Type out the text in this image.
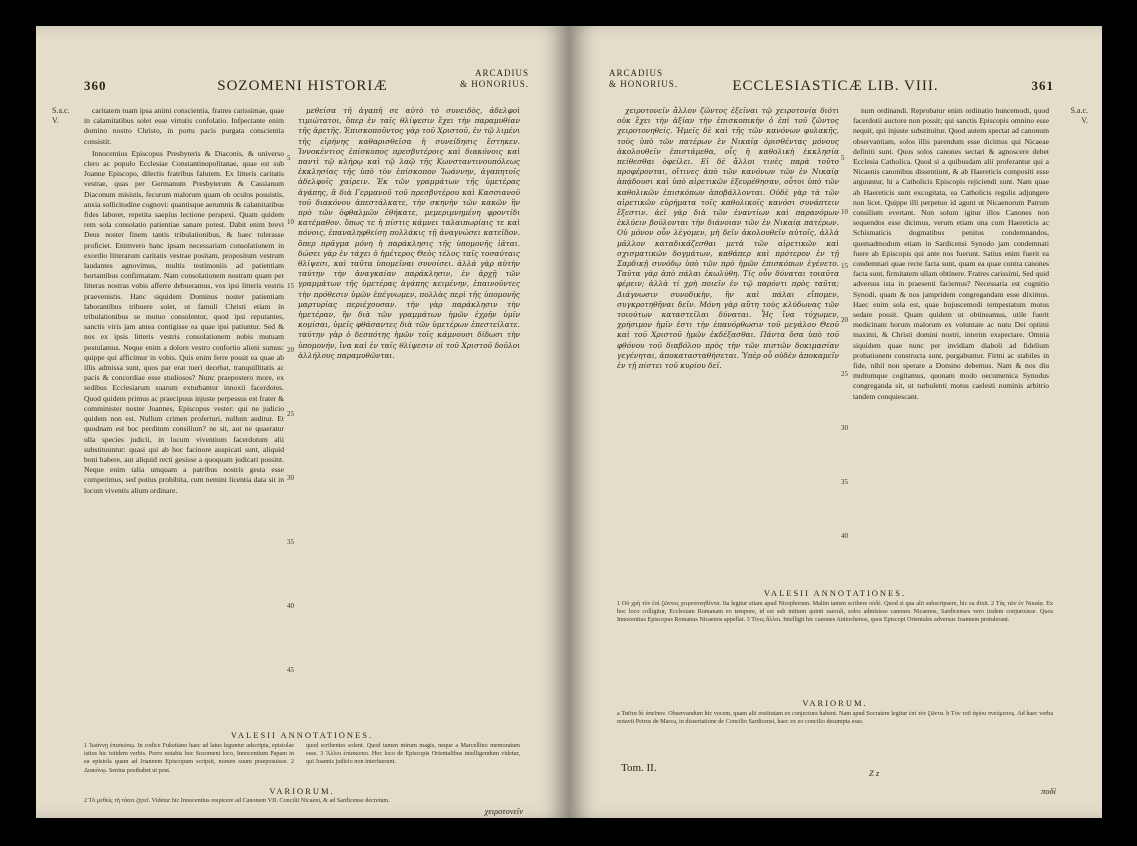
360	SOZOMENI HISTORIÆ
ARCADIUS
& HONORIUS.
S.a.c.
V.

caritatem tuam ipsa animi conscientia, fratres carissimae, quae in calamitatibus solet esse virtutis confolatio. Infpectante enim domino nostro Christo, in portu pacis purgata conscientia consistit.

Innocentius Episcopus Presbyteris & Diaconis, & universo clero ac populo Ecclesiae Constantinopolitanae, quae est sub Joanne Episcopo, dilectis fratribus falutem. Ex litteris caritatis vestrae, quas per Germanum Presbyterum & Cassianum Diaconum misistis, fecurum malorum quam ob oculos posuistis, anxia sollicitudine cognovi: quantisque aerumnis & calamitatibus fides laboret, repetita saepius lectione perspexi. Quam quidem rem sola consolatio patientiae sanare potest. Dabit enim brevi Deus noster finem tantis tribulationibus, & haec tolerasse proficiet. Enimvero hanc ipsam necessariam consolationem in exordio litterarum caritatis vestrae positam, propositum vestrum laudantes agnovimus, multis testimoniis ad patientiam hortantibus confirmatam. Nam consolationem nostram quam per litteras nostras vobis afferre debueramus, vos ipsi litteris vestris praevenistis. Hanc siquidem Dominus noster patientiam laborantibus tribuere solet, ut famuli Christi etiam in tribulationibus se mutuo consolentur, quod ipsi reputantes, sanctis viris jam antea contigisse ea quae ipsi patiuntur. Sed & nos ex ipsis litteris vestris consolationem nobis mutuam postulamus. Neque enim a dolore vestro confortio alieni sumus: quippe qui afficimur in vobis. Quis enim ferre possit ea quae ab illis admissa sunt, quos par erat tueri decebat, tranquillitatis ac pacis & concordiae esse studiosos? Nunc praepostero more, ex sedibus Ecclesiarum suarum exturbantur innoxii facerdotes. Quod quidem primus ac praecipuus injuste perpessus est frater & comminister noster Joannes, Episcopus vester: qui ne judicio quidem non est. Nullum crimen proferturi, nullum auditur. Et quodnam est hoc perditum consilium? ne sit, aut ne quaeratur ulla species judicii, in locum viventium facerdotum alii substituuntur: quasi qui ab hoc facinore auspicati sunt, aliquid boni habere, aut aliquid recti gesisse a quoquam judicari possint. Neque enim talia umquam a patribus nostris gesta esse comperimus, sed potius prohibita, cum nemini licentia data sit in locum viventis alium ordinare.

μεθείσα τῆ ἀγαπῆ σε αὐτὸ τὸ συνειδὸς, ἀδελφοὶ τιμιώτατοι, ὅπερ ἐν ταῖς θλίψεσιν ἔχει τὴν παραμυθίαν τῆς ἀρετῆς. Ἐπισκοποῦντος γὰρ τοῦ Χριστοῦ, ἐν τῷ λιμένι τῆς εἰρήνης καθαρισθεῖσα ἡ συνείδησις ἕστηκεν. Ἰννοκέντιος ἐπίσκοπος πρεσβυτέροις καὶ διακόνοις καὶ παντὶ τῷ κλήρῳ καὶ τῷ λαῷ τῆς Κωνσταντινουπόλεως ἐκκλησίας τῆς ὑπὸ τὸν ἐπίσκοπον Ἰωάννην, ἀγαπητοῖς ἀδελφοῖς χαίρειν. Ἐκ τῶν γραμμάτων τῆς ὑμετέρας ἀγάπης, ἃ διὰ Γερμανοῦ τοῦ πρεσβυτέρου καὶ Κασσιανοῦ τοῦ διακόνου ἀπεστάλκατε, τὴν σκηνὴν τῶν κακῶν ἣν πρὸ τῶν ὀφθαλμῶν ἐθήκατε, μεμεριμνημένη φροντίδι κατέμαθον. ὅπως τε ἡ πίστις κάμνει ταλαιπωρίαις τε καὶ πόνοις, ἐπαναληφθείσῃ πολλάκις τῇ ἀναγνώσει κατεῖδον. ὅπερ πρᾶγμα μόνη ἡ παράκλησις τῆς ὑπομονῆς ἰᾶται. δώσει γὰρ ἐν τάχει ὁ ἡμέτερος Θεὸς τέλος ταῖς τοσαύταις θλίψεσι, καὶ ταῦτα ὑπομεῖναι συνοίσει. ἀλλὰ γὰρ αὐτὴν ταύτην τὴν ἀναγκαίαν παράκλησιν, ἐν ἀρχῇ τῶν γραμμάτων τῆς ὑμετέρας ἀγάπης κειμένην, ἐπαινοῦντες τὴν πρόθεσιν ὑμῶν ἐπέγνωμεν, πολλὰς περὶ τῆς ὑπομονῆς μαρτυρίας περιέχουσαν. τὴν γὰρ παράκλησιν τὴν ἡμετέραν, ἣν διὰ τῶν γραμμάτων ἡμῶν ἐχρῆν ὑμῖν κομίσαι, ὑμεῖς φθάσαντες διὰ τῶν ὑμετέρων ἐπεστείλατε. ταύτην γὰρ ὁ δεσπότης ἡμῶν τοῖς κάμνουσι δίδωσι τὴν ὑπομονήν, ἵνα καὶ ἐν ταῖς θλίψεσιν οἱ τοῦ Χριστοῦ δοῦλοι ἀλλήλους παραμυθῶνται.

5
10
15
20
25
30
35
40
45
VALESII ANNOTATIONES.
1 Ἰωάννῃ ἐπισκόπῳ. In codice Fuketiano haec ad latus leguntur adscripta, epistolae istius hic totidem verbis. Porro notabis hoc Sozomeni loco, Innocentium Papam in ea epistola quam ad Joannem Episcopum scripsit, nomen suum praeposuisse. 2 Διακόνῳ. Senius posthabet ut post.
quod scribentes solent. Quod tamen mirum magis, neque a Marcellino memoratum esse. 3 Ἄλλοι ἐπίσκοποι. Hoc loco de Episcopis Orientalibus intelligendum videtur, qui Joannis judicio non interfuerunt.
VARIORUM.
2 Τὸ μεθεὶς τῆ τάσει ζητεῖ. Videtur hic Innocentius respicere ad Canonem VII. Concilii Nicaeni, & ad Sardicense decretum.
χειροτονεῖν
ARCADIUS
& HONORIUS.	ECCLESIASTICÆ LIB. VIII.	361
S.a.c.
V.

χειροτονεῖν ἄλλον ζῶντος ἐξεῖναι τῷ χειροτονίᾳ διότι οὐκ ἔχει τὴν ἀξίαν τὴν ἐπισκοπικὴν ὁ ἐπὶ τοῦ ζῶντος χειροτονηθείς. Ἡμεῖς δὲ καὶ τῆς τῶν κανόνων φυλακῆς, τοὺς ὑπὸ τῶν πατέρων ἐν Νικαίᾳ ὁρισθέντας μόνους ἀκολουθεῖν ἐπιστάμεθα, οἷς ἡ καθολικὴ ἐκκλησία πείθεσθαι ὀφείλει. Εἰ δὲ ἄλλοι τινὲς παρὰ τοῦτο προφέρονται, οἵτινες ἀπὸ τῶν κανόνων τῶν ἐν Νικαίᾳ ἀπᾴδουσι καὶ ὑπὸ αἱρετικῶν ἐξευρέθησαν, οὗτοι ὑπὸ τῶν καθολικῶν ἐπισκόπων ἀποβάλλονται. Οὐδὲ γὰρ τὰ τῶν αἱρετικῶν εὑρήματα τοῖς καθολικοῖς κανόσι συνάπτειν ἔξεστιν. ἀεὶ γὰρ διὰ τῶν ἐναντίων καὶ παρανόμων ἐκλύειν βούλονται τὴν διάνοιαν τῶν ἐν Νικαίᾳ πατέρων. Οὐ μόνον οὖν λέγομεν, μὴ δεῖν ἀκολουθεῖν αὐτοῖς, ἀλλὰ μᾶλλον καταδικάζεσθαι μετὰ τῶν αἱρετικῶν καὶ σχισματικῶν δογμάτων, καθάπερ καὶ πρότερον ἐν τῇ Σαρδικῇ συνόδῳ ὑπὸ τῶν πρὸ ἡμῶν ἐπισκόπων ἐγένετο. Ταῦτα γὰρ ἀπὸ πάλαι ἐκωλύθη. Τίς οὖν δύναται τοιαῦτα φέρειν; ἀλλὰ τί χρὴ ποιεῖν ἐν τῷ παρόντι πρὸς ταῦτα; Διάγνωσιν συνοδικὴν, ἣν καὶ πάλαι εἴπομεν, συγκροτηθῆναι δεῖν. Μόνη γὰρ αὕτη τοὺς κλύδωνας τῶν τοιούτων καταστεῖλαι δύναται. Ἧς ἵνα τύχωμεν, χρήσιμον ἡμῖν ἐστι τὴν ἐπανόρθωσιν τοῦ μεγάλου Θεοῦ καὶ τοῦ Χριστοῦ ἡμῶν ἐκδέξασθαι. Πάντα ὅσα ὑπὸ τοῦ φθόνου τοῦ διαβόλου πρὸς τὴν τῶν πιστῶν δοκιμασίαν γεγένηται, ἀποκατασταθήσεται. Ὑπὲρ οὗ οὐδὲν ἀποκαμεῖν ἐν τῇ πίστει τοῦ κυρίου δεῖ.

num ordinandi. Reprobatur enim ordinatio huncemodi, quod facerdotii auctore non possit; qui sanctis Episcopis omnino esse nequit, qui injuste substituitur. Quod autem spectat ad canonum observantiam, solos illis parendum esse dicimus qui Nicaeae definiti sunt. Quos solos canones sectari & agnoscere debet Ecclesia Catholica. Quod si a quibusdam alii proferantur qui a Nicaenis canonibus dissentiunt, & ab Haereticis compositi esse arguuntur, hi a Catholicis Episcopis rejiciendi sunt. Nam quae ab Haereticis sunt excogitata, ea Catholicis regulis adjungere non licet. Quippe illi perpetuo id agunt ut Nicaenorum Patrum consilium evertant. Non solum igitur illos Canones non sequendos esse dicimus, verum etiam una cum Haereticis ac Schismaticis dogmatibus penitus condemnandos, quemadmodum etiam in Sardicensi Synodo jam condemnati fuere ab Episcopis qui ante nos fuerunt. Satius enim fuerit ea condemnari quae recte facta sunt, quam ea quae contra canones facta sunt, firmitatem ullam obtinere. Fratres carissimi, Sed quid adversus ista in praesenti faciemus? Necessaria est cognitio Synodi, quam & nos jampridem congregandam esse diximus. Haec enim sola est, quae hujuscemodi tempestatum motus sedare possit. Quam quidem ut obtineamus, utile fuerit medicinam horum malorum ex voluntate ac nutu Dei optimi maximi, & Christi domini nostri, interim exspectare. Omnia siquidem quae nunc per invidiam diaboli ad fidelium probationem constructa sunt, purgabuntur. Firmi ac stabiles in fide, nihil non sperare a Domino debemus. Nam & nos diu multumque cogitamus, quonam modo oecumenica Synodus congreganda sit, ut turbulenti motus caelesti numinis arbitrio tandem conquiescant.

5
10
15
20
25
30
35
40
VALESII ANNOTATIONES.
1 Οὐ χρὴ τὸν ἐπὶ ζῶντος χειροτονηθέντα. Ita legitur etiam apud Nicephorum. Malim tamen scribere οὐδὲ. Quod si qua alii subscripsere, hic ea dixit. 2 Τὰς τῶν ἐν Νικαίᾳ. Ex hoc loco colligitur, Ecclesiam Romanam eo tempore, id est sub initium quinti saeculi, solos admisisse canones Nicaenos, Sardicenses vero iisdem conjunxisse. Quos Innocentius Episcopus Romanus Nicaenos appellat. 3 Τίνες ἄλλοι. Intelligit hic canones Antiochenos, quos Episcopi Orientales adversus Joannem protulerant.
VARIORUM.
a Ταῦτα δὲ ἀπεῖπον. Observandum hic vocem, quam alii restitutam ex conjectura habent. Nam apud Socratem legitur ἐπὶ τὸν ζῶντα. b Τὸν τοῦ ἀγίου πνεύματος. Ad haec verba notavit Petrus de Marca, in dissertatione de Concilio Sardicensi, haec ex eo concilio desumpta esse.
Tom. II.	Z z
ποδί
